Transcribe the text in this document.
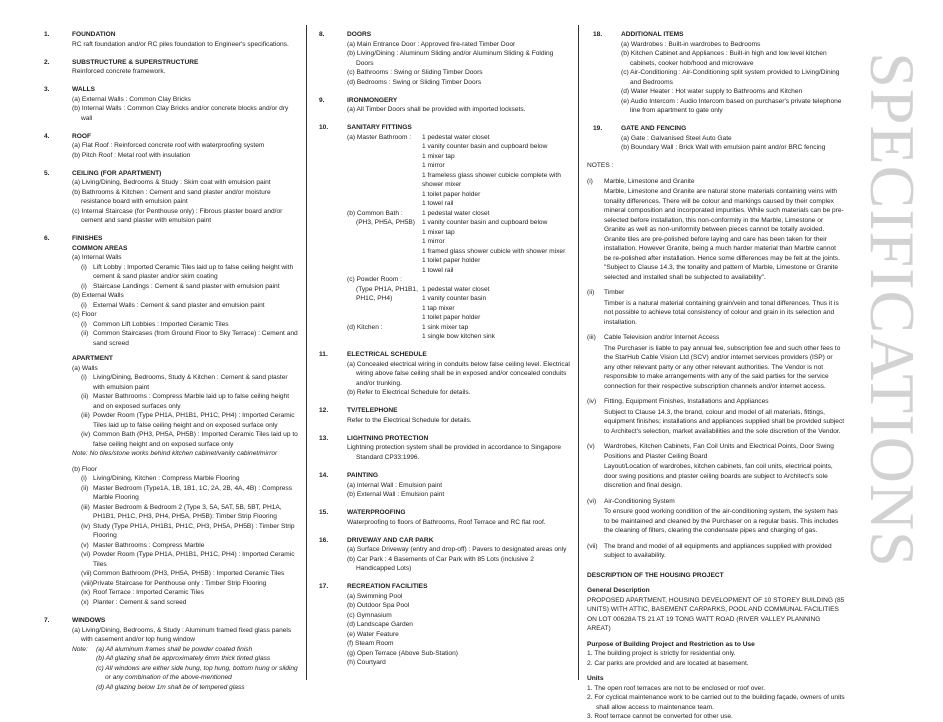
1.	FOUNDATION
RC raft foundation and/or RC piles foundation to Engineer's specifications.
2.	SUBSTRUCTURE & SUPERSTRUCTURE
Reinforced concrete framework.
3.	WALLS
(a) External Walls : Common Clay Bricks
(b) Internal Walls : Common Clay Bricks and/or concrete blocks and/or dry wall
4.	ROOF
(a) Flat Roof : Reinforced concrete roof with waterproofing system
(b) Pitch Roof : Metal roof with insulation
5.	CEILING (FOR APARTMENT)
(a) Living/Dining, Bedrooms & Study : Skim coat with emulsion paint
(b) Bathrooms & Kitchen : Cement and sand plaster and/or moisture resistance board with emulsion paint
(c) Internal Staircase (for Penthouse only) : Fibrous plaster board and/or cement and sand plaster with emulsion paint
6.	FINISHES
COMMON AREAS
(a) Internal Walls
(i) Lift Lobby : Imported Ceramic Tiles laid up to false ceiling height with cement & sand plaster and/or skim coating
(i) Staircase Landings : Cement & sand plaster with emulsion paint
(b) External Walls
(i) External Walls : Cement & sand plaster and emulsion paint
(c) Floor
(i) Common Lift Lobbies : Imported Ceramic Tiles
(ii) Common Staircases (from Ground Floor to Sky Terrace) : Cement and sand screed
APARTMENT
(a) Walls
(i) Living/Dining, Bedrooms, Study & Kitchen : Cement & sand plaster with emulsion paint
(ii) Master Bathrooms : Compress Marble laid up to false ceiling height and on exposed surfaces only
(iii) Powder Room (Type PH1A, PH1B1, PH1C, PH4) : Imported Ceramic Tiles laid up to false ceiling height and on exposed surface only
(iv) Common Bath (PH3, PH5A, PH5B) : Imported Ceramic Tiles laid up to false ceiling height and on exposed surface only
Note: No tiles/stone works behind kitchen cabinet/vanity cabinet/mirror
(b) Floor
(i) Living/Dining, Kitchen : Compress Marble Flooring
(ii) Master Bedroom (Type1A, 1B, 1B1, 1C, 2A, 2B, 4A, 4B) : Compress Marble Flooring
(iii) Master Bedroom & Bedroom 2 (Type 3, 5A, 5AT, 5B, 5BT, PH1A, PH1B1, PH1C, PH3, PH4, PH5A, PH5B): Timber Strip Flooring
(iv) Study (Type PH1A, PH1B1, PH1C, PH3, PH5A, PH5B) : Timber Strip Flooring
(v) Master Bathrooms : Compress Marble
(vi) Powder Room (Type PH1A, PH1B1, PH1C, PH4) : Imported Ceramic Tiles
(vii) Common Bathroom (PH3, PH5A, PH5B) : Imported Ceramic Tiles
(viii) Private Staircase for Penthouse only : Timber Strip Flooring
(ix) Roof Terrace : Imported Ceramic Tiles
(x) Planter : Cement & sand screed
7.	WINDOWS
(a) Living/Dining, Bedrooms, & Study : Aluminum framed fixed glass panels with casement and/or top hung window
Note: (a) All aluminum frames shall be powder coated finish
(b) All glazing shall be approximately 6mm thick tinted glass
(c) All windows are either side hung, top hung, bottom hung or sliding or any combination of the above-mentioned
(d) All glazing below 1m shall be of tempered glass
8.	DOORS
(a) Main Entrance Door : Approved fire-rated Timber Door
(b) Living/Dining : Aluminum Sliding and/or Aluminum Sliding & Folding Doors
(c) Bathrooms : Swing or Sliding Timber Doors
(d) Bedrooms : Swing or Sliding Timber Doors
9.	IRONMONGERY
(a) All Timber Doors shall be provided with imported locksets.
10.	SANITARY FITTINGS
(a) Master Bathroom :	1 pedestal water closet
1 vanity counter basin and cupboard below
1 mixer tap
1 mirror
1 frameless glass shower cubicle complete with shower mixer
1 toilet paper holder
1 towel rail
(b) Common Bath :
(PH3, PH5A, PH5B)
1 pedestal water closet
1 vanity counter basin and cupboard below
1 mixer tap
1 mirror
1 framed glass shower cubicle with shower mixer
1 toilet paper holder
1 towel rail
(c) Powder Room :
(Type PH1A, PH1B1,
PH1C, PH4)
1 pedestal water closet
1 vanity counter basin
1 tap mixer
1 toilet paper holder
(d) Kitchen :	1 sink mixer tap
1 single bow kitchen sink
11.	ELECTRICAL SCHEDULE
(a) Concealed electrical wiring in conduits below false ceiling level. Electrical wiring above false ceiling shall be in exposed and/or concealed conduits and/or trunking.
(b) Refer to Electrical Schedule for details.
12.	TV/TELEPHONE
Refer to the Electrical Schedule for details.
13.	LIGHTNING PROTECTION
Lightning protection system shall be provided in accordance to Singapore Standard CP33:1996.
14.	PAINTING
(a) Internal Wall : Emulsion paint
(b) External Wall : Emulsion paint
15.	WATERPROOFING
Waterproofing to floors of Bathrooms, Roof Terrace and RC flat roof.
16.	DRIVEWAY AND CAR PARK
(a) Surface Driveway (entry and drop-off) : Pavers to designated areas only
(b) Car Park : 4 Basements of Car Park with 85 Lots (inclusive 2 Handicapped Lots)
17.	RECREATION FACILITIES
(a) Swimming Pool
(b) Outdoor Spa Pool
(c) Gymnasium
(d) Landscape Garden
(e) Water Feature
(f) Steam Room
(g) Open Terrace (Above Sub-Station)
(h) Courtyard
18.	ADDITIONAL ITEMS
(a) Wardrobes : Built-in wardrobes to Bedrooms
(b) Kitchen Cabinet and Appliances : Built-in high and low level kitchen cabinets, cooker hob/hood and microwave
(c) Air-Conditioning : Air-Conditioning split system provided to Living/Dining and Bedrooms
(d) Water Heater : Hot water supply to Bathrooms and Kitchen
(e) Audio Intercom : Audio Intercom based on purchaser's private telephone line from apartment to gate only
19.	GATE AND FENCING
(a) Gate : Galvanised Steel Auto Gate
(b) Boundary Wall : Brick Wall with emulsion paint and/or BRC fencing
NOTES :
(i) Marble, Limestone and Granite
Marble, Limestone and Granite are natural stone materials containing veins with tonality differences. There will be colour and markings caused by their complex mineral composition and incorporated impurities. While such materials can be pre-selected before installation, this non-conformity in the Marble, Limestone or Granite as well as non-uniformity between pieces cannot be totally avoided. Granite tiles are pre-polished before laying and care has been taken for their installation. However Granite, being a much harder material than Marble cannot be re-polished after installation. Hence some differences may be felt at the joints. "Subject to Clause 14.3, the tonality and pattern of Marble, Limestone or Granite selected and installed shall be subjected to availability".
(ii) Timber
Timber is a natural material containing grain/vein and tonal differences. Thus it is not possible to achieve total consistency of colour and grain in its selection and installation.
(iii) Cable Television and/or Internet Access
The Purchaser is liable to pay annual fee, subscription fee and such other fees to the StarHub Cable Vision Ltd (SCV) and/or internet services providers (ISP) or any other relevant party or any other relevant authorities. The Vendor is not responsible to make arrangements with any of the said parties for the service connection for their respective subscription channels and/or internet access.
(iv) Fitting, Equipment Finishes, Installations and Appliances
Subject to Clause 14.3, the brand, colour and model of all materials, fittings, equipment finishes; installations and appliances supplied shall be provided subject to Architect's selection, market availabilities and the sole discretion of the Vendor.
(v) Wardrobes, Kitchen Cabinets, Fan Coil Units and Electrical Points, Door Swing Positions and Plaster Ceiling Board
Layout/Location of wardrobes, kitchen cabinets, fan coil units, electrical points, door swing positions and plaster ceiling boards are subject to Architect's sole discretion and final design.
(vi) Air-Conditioning System
To ensure good working condition of the air-conditioning system, the system has to be maintained and cleaned by the Purchaser on a regular basis. This includes the cleaning of filters, clearing the condensate pipes and charging of gas.
(vii) The brand and model of all equipments and appliances supplied with provided subject to availability.
DESCRIPTION OF THE HOUSING PROJECT
General Description
PROPOSED APARTMENT, HOUSING DEVELOPMENT OF 10 STOREY BUILDING (85 UNITS) WITH ATTIC, BASEMENT CARPARKS, POOL AND COMMUNAL FACILITIES ON LOT 00628A TS 21 AT 19 TONG WATT ROAD (RIVER VALLEY PLANNING AREAT)
Purpose of Building Project and Restriction as to Use
1. The building project is strictly for residential only.
2. Car parks are provided and are located at basement.
Units
1. The open roof terraces are not to be enclosed or roof over.
2. For cyclical maintenance work to be carried out to the building façade, owners of units shall allow access to maintenance team.
3. Roof terrace cannot be converted for other use.
SPECIFICATIONS
